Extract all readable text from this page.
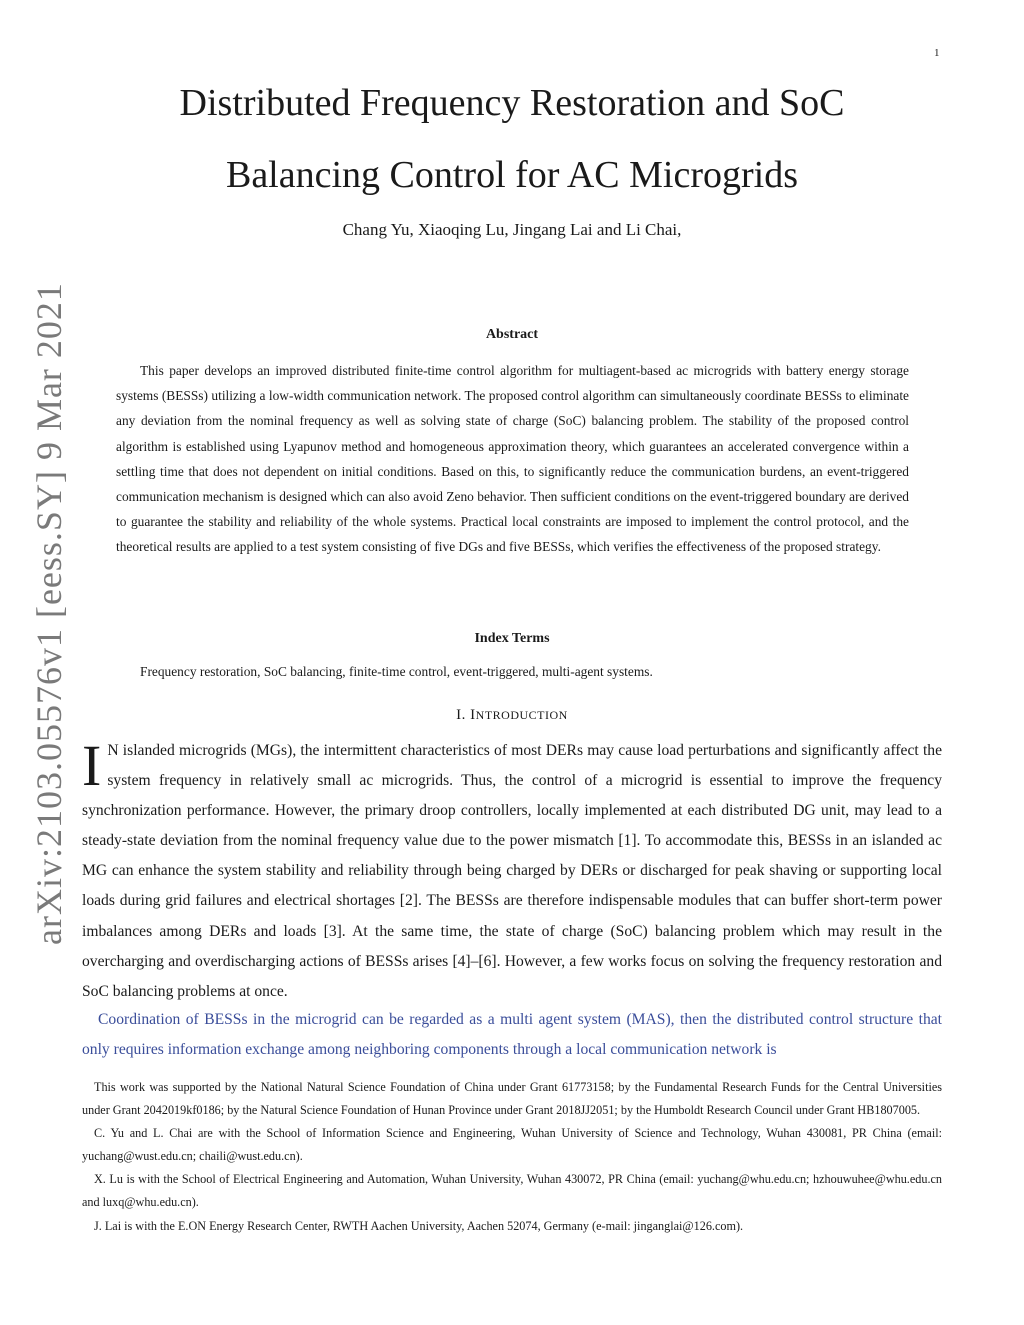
1
arXiv:2103.05576v1 [eess.SY] 9 Mar 2021
Distributed Frequency Restoration and SoC
Balancing Control for AC Microgrids
Chang Yu, Xiaoqing Lu, Jingang Lai and Li Chai,
Abstract

This paper develops an improved distributed finite-time control algorithm for multiagent-based ac microgrids with battery energy storage systems (BESSs) utilizing a low-width communication network. The proposed control algorithm can simultaneously coordinate BESSs to eliminate any deviation from the nominal frequency as well as solving state of charge (SoC) balancing problem. The stability of the proposed control algorithm is established using Lyapunov method and homogeneous approximation theory, which guarantees an accelerated convergence within a settling time that does not dependent on initial conditions. Based on this, to significantly reduce the communication burdens, an event-triggered communication mechanism is designed which can also avoid Zeno behavior. Then sufficient conditions on the event-triggered boundary are derived to guarantee the stability and reliability of the whole systems. Practical local constraints are imposed to implement the control protocol, and the theoretical results are applied to a test system consisting of five DGs and five BESSs, which verifies the effectiveness of the proposed strategy.

Index Terms

Frequency restoration, SoC balancing, finite-time control, event-triggered, multi-agent systems.

I. INTRODUCTION

I N islanded microgrids (MGs), the intermittent characteristics of most DERs may cause load perturbations and significantly affect the system frequency in relatively small ac microgrids. Thus, the control of a microgrid is essential to improve the frequency synchronization performance. However, the primary droop controllers, locally implemented at each distributed DG unit, may lead to a steady-state deviation from the nominal frequency value due to the power mismatch [1]. To accommodate this, BESSs in an islanded ac MG can enhance the system stability and reliability through being charged by DERs or discharged for peak shaving or supporting local loads during grid failures and electrical shortages [2]. The BESSs are therefore indispensable modules that can buffer short-term power imbalances among DERs and loads [3]. At the same time, the state of charge (SoC) balancing problem which may result in the overcharging and overdischarging actions of BESSs arises [4]–[6]. However, a few works focus on solving the frequency restoration and SoC balancing problems at once.

Coordination of BESSs in the microgrid can be regarded as a multi agent system (MAS), then the distributed control structure that only requires information exchange among neighboring components through a local communication network is

This work was supported by the National Natural Science Foundation of China under Grant 61773158; by the Fundamental Research Funds for the Central Universities under Grant 2042019kf0186; by the Natural Science Foundation of Hunan Province under Grant 2018JJ2051; by the Humboldt Research Council under Grant HB1807005.

C. Yu and L. Chai are with the School of Information Science and Engineering, Wuhan University of Science and Technology, Wuhan 430081, PR China (email: yuchang@wust.edu.cn; chaili@wust.edu.cn).

X. Lu is with the School of Electrical Engineering and Automation, Wuhan University, Wuhan 430072, PR China (email: yuchang@whu.edu.cn; hzhouwuhee@whu.edu.cn and luxq@whu.edu.cn).

J. Lai is with the E.ON Energy Research Center, RWTH Aachen University, Aachen 52074, Germany (e-mail: jinganglai@126.com).
